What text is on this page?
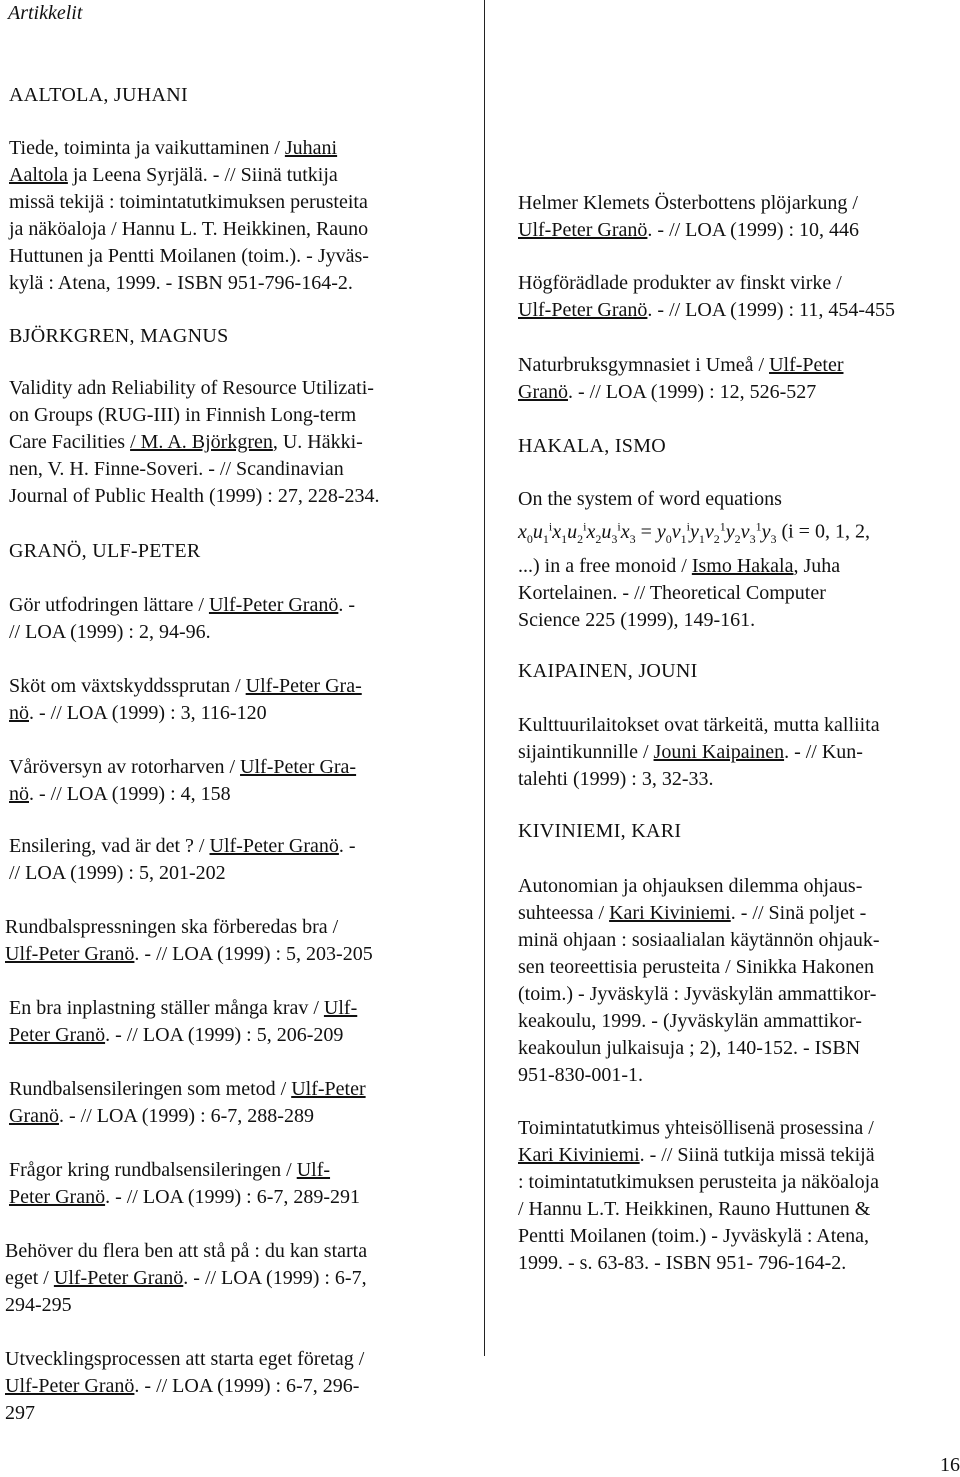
Artikkelit
AALTOLA, JUHANI
Tiede, toiminta ja vaikuttaminen / Juhani
Aaltola ja Leena Syrjälä. - // Siinä tutkija
missä tekijä : toimintatutkimuksen perusteita
ja näköaloja / Hannu L. T. Heikkinen, Rauno
Huttunen ja Pentti Moilanen (toim.). - Jyväs-
kylä : Atena, 1999. - ISBN 951-796-164-2.
BJÖRKGREN, MAGNUS
Validity adn Reliability of Resource Utilizati-
on Groups (RUG-III) in Finnish Long-term
Care Facilities / M. A. Björkgren, U. Häkki-
nen, V. H. Finne-Soveri. - // Scandinavian
Journal of Public Health (1999) : 27, 228-234.
GRANÖ, ULF-PETER
Gör utfodringen lättare / Ulf-Peter Granö. -
// LOA (1999) : 2, 94-96.
Sköt om växtskyddssprutan / Ulf-Peter Gra-
nö. - // LOA (1999) : 3, 116-120
Våröversyn av rotorharven / Ulf-Peter Gra-
nö. - // LOA (1999) : 4, 158
Ensilering, vad är det ? / Ulf-Peter Granö. -
// LOA (1999) : 5, 201-202
Rundbalspressningen ska förberedas bra /
Ulf-Peter Granö. - // LOA (1999) : 5, 203-205
En bra inplastning ställer många krav / Ulf-
Peter Granö. - // LOA (1999) : 5, 206-209
Rundbalsensileringen som metod / Ulf-Peter
Granö. - // LOA (1999) : 6-7, 288-289
Frågor kring rundbalsensileringen / Ulf-
Peter Granö. - // LOA (1999) : 6-7, 289-291
Behöver du flera ben att stå på : du kan starta
eget / Ulf-Peter Granö. - // LOA (1999) : 6-7,
294-295
Utvecklingsprocessen att starta eget företag /
Ulf-Peter Granö. - // LOA (1999) : 6-7, 296-
297
Helmer Klemets Österbottens plöjarkung /
Ulf-Peter Granö. - // LOA (1999) : 10, 446
Högförädlade produkter av finskt virke /
Ulf-Peter Granö. - // LOA (1999) : 11, 454-455
Naturbruksgymnasiet i Umeå / Ulf-Peter
Granö. - // LOA (1999) : 12, 526-527
HAKALA, ISMO
On the system of word equations
$x_0u_1^ix_1u_2^ix_2u_3^ix_3 = y_0v_1^iy_1v_2^1y_2v_3^1y_3$ (i = 0, 1, 2,
...) in a free monoid / Ismo Hakala, Juha
Kortelainen. - // Theoretical Computer
Science 225 (1999), 149-161.
KAIPAINEN, JOUNI
Kulttuurilaitokset ovat tärkeitä, mutta kalliita
sijaintikunnille / Jouni Kaipainen. - // Kun-
talehti (1999) : 3, 32-33.
KIVINIEMI, KARI
Autonomian ja ohjauksen dilemma ohjaus-
suhteessa / Kari Kiviniemi. - // Sinä poljet -
minä ohjaan : sosiaalialan käytännön ohjauk-
sen teoreettisia perusteita / Sinikka Hakonen
(toim.) - Jyväskylä : Jyväskylän ammattikor-
keakoulu, 1999. - (Jyväskylän ammattikor-
keakoulun julkaisuja ; 2), 140-152. - ISBN
951-830-001-1.
Toimintatutkimus yhteisöllisenä prosessina /
Kari Kiviniemi. - // Siinä tutkija missä tekijä
: toimintatutkimuksen perusteita ja näköaloja
/ Hannu L.T. Heikkinen, Rauno Huttunen &
Pentti Moilanen (toim.) - Jyväskylä : Atena,
1999. - s. 63-83. - ISBN 951- 796-164-2.
16
